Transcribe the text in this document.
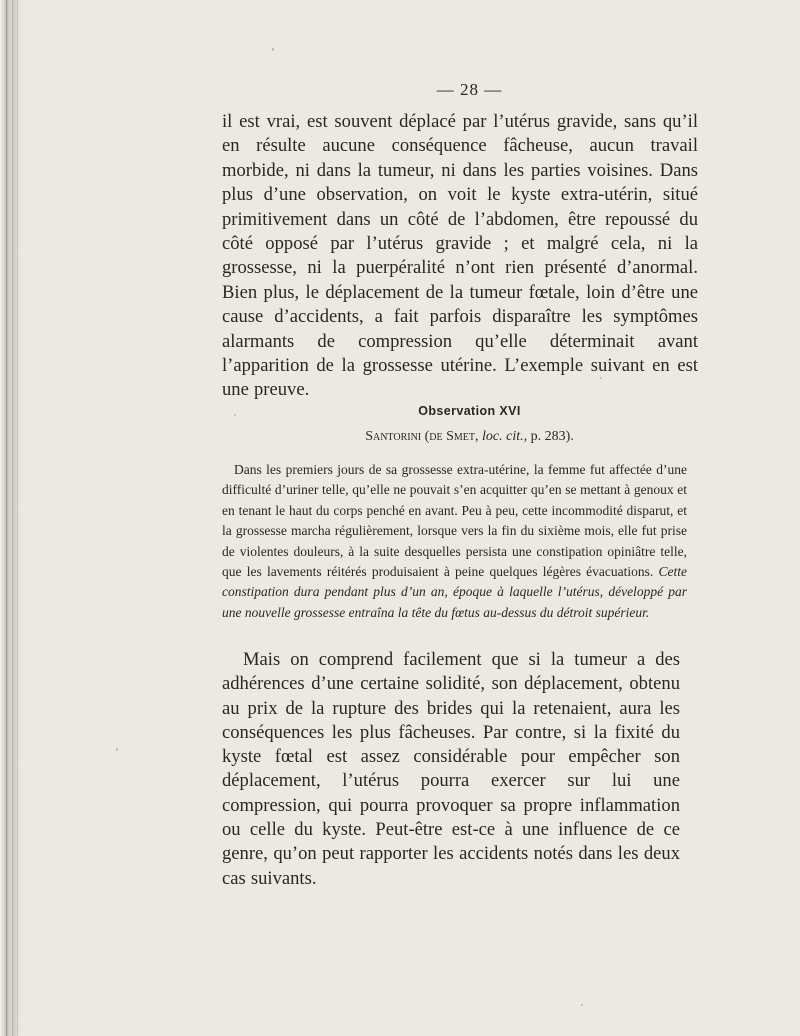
— 28 —

il est vrai, est souvent déplacé par l’utérus gravide, sans qu’il en résulte aucune conséquence fâcheuse, aucun travail morbide, ni dans la tumeur, ni dans les parties voisines. Dans plus d’une observation, on voit le kyste extra-utérin, situé primitivement dans un côté de l’abdomen, être repoussé du côté opposé par l’utérus gravide ; et malgré cela, ni la grossesse, ni la puerpéralité n’ont rien présenté d’anormal. Bien plus, le déplacement de la tumeur fœtale, loin d’être une cause d’accidents, a fait parfois disparaître les symptômes alarmants de compression qu’elle déterminait avant l’apparition de la grossesse utérine. L’exemple suivant en est une preuve.

Observation XVI
Santorini (de Smet, loc. cit., p. 283).

Dans les premiers jours de sa grossesse extra-utérine, la femme fut affectée d’une difficulté d’uriner telle, qu’elle ne pouvait s’en acquitter qu’en se mettant à genoux et en tenant le haut du corps penché en avant. Peu à peu, cette incommodité disparut, et la grossesse marcha régulièrement, lorsque vers la fin du sixième mois, elle fut prise de violentes douleurs, à la suite desquelles persista une constipation opiniâtre telle, que les lavements réitérés produisaient à peine quelques légères évacuations. Cette constipation dura pendant plus d’un an, époque à laquelle l’utérus, développé par une nouvelle grossesse entraîna la tête du fœtus au-dessus du détroit supérieur.

Mais on comprend facilement que si la tumeur a des adhérences d’une certaine solidité, son déplacement, obtenu au prix de la rupture des brides qui la retenaient, aura les conséquences les plus fâcheuses. Par contre, si la fixité du kyste fœtal est assez considérable pour empêcher son déplacement, l’utérus pourra exercer sur lui une compression, qui pourra provoquer sa propre inflammation ou celle du kyste. Peut-être est-ce à une influence de ce genre, qu’on peut rapporter les accidents notés dans les deux cas suivants.
